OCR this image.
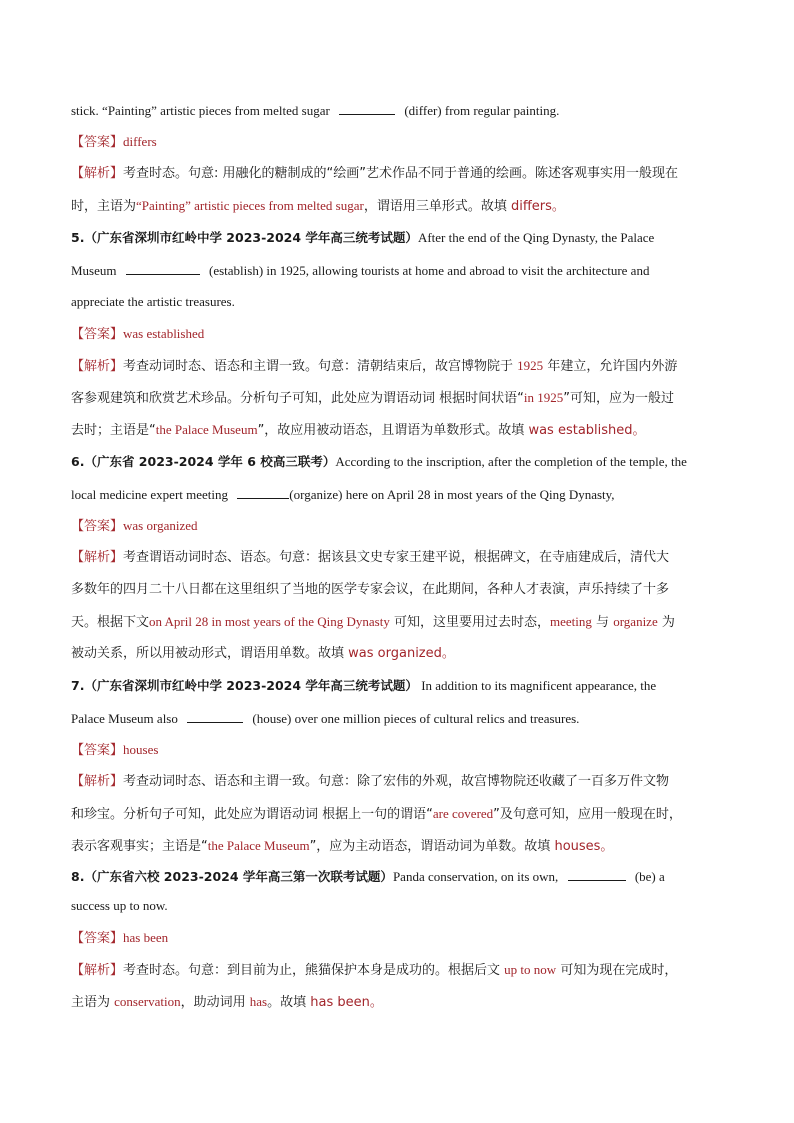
stick. “Painting” artistic pieces from melted sugar	(differ) from regular painting.
【答案】differs
【解析】考查时态。句意: 用融化的糖制成的“绘画”艺术作品不同于普通的绘画。陈述客观事实用一般现在
时，主语为“Painting” artistic pieces from melted sugar，谓语用三单形式。故填 differs。
5.（广东省深圳市红岭中学 2023-2024 学年高三统考试题）After the end of the Qing Dynasty, the Palace
Museum	(establish) in 1925, allowing tourists at home and abroad to visit the architecture and
appreciate the artistic treasures.
【答案】was established
【解析】考查动词时态、语态和主谓一致。句意：清朝结束后，故宫博物院于 1925 年建立，允许国内外游
客参观建筑和欣赏艺术珍品。分析句子可知，此处应为谓语动词 根据时间状语“in 1925”可知，应为一般过
去时；主语是“the Palace Museum”，故应用被动语态，且谓语为单数形式。故填 was established。
6.（广东省 2023-2024 学年 6 校高三联考）According to the inscription, after the completion of the temple, the
local medicine expert meeting	(organize) here on April 28 in most years of the Qing Dynasty,
【答案】was organized
【解析】考查谓语动词时态、语态。句意：据该县文史专家王建平说，根据碑文，在寺庙建成后，清代大
多数年的四月二十八日都在这里组织了当地的医学专家会议，在此期间，各种人才表演，声乐持续了十多
天。根据下文on April 28 in most years of the Qing Dynasty 可知，这里要用过去时态，meeting 与 organize 为
被动关系，所以用被动形式，谓语用单数。故填 was organized。
7.（广东省深圳市红岭中学 2023-2024 学年高三统考试题） In addition to its magnificent appearance, the
Palace Museum also	(house) over one million pieces of cultural relics and treasures.
【答案】houses
【解析】考查动词时态、语态和主谓一致。句意：除了宏伟的外观，故宫博物院还收藏了一百多万件文物
和珍宝。分析句子可知，此处应为谓语动词 根据上一句的谓语“are covered”及句意可知，应用一般现在时，
表示客观事实；主语是“the Palace Museum”，应为主动语态，谓语动词为单数。故填 houses。
8.（广东省六校 2023-2024 学年高三第一次联考试题）Panda conservation, on its own,	(be) a
success up to now.
【答案】has been
【解析】考查时态。句意：到目前为止，熊猫保护本身是成功的。根据后文 up to now 可知为现在完成时，
主语为 conservation，助动词用 has。故填 has been。
